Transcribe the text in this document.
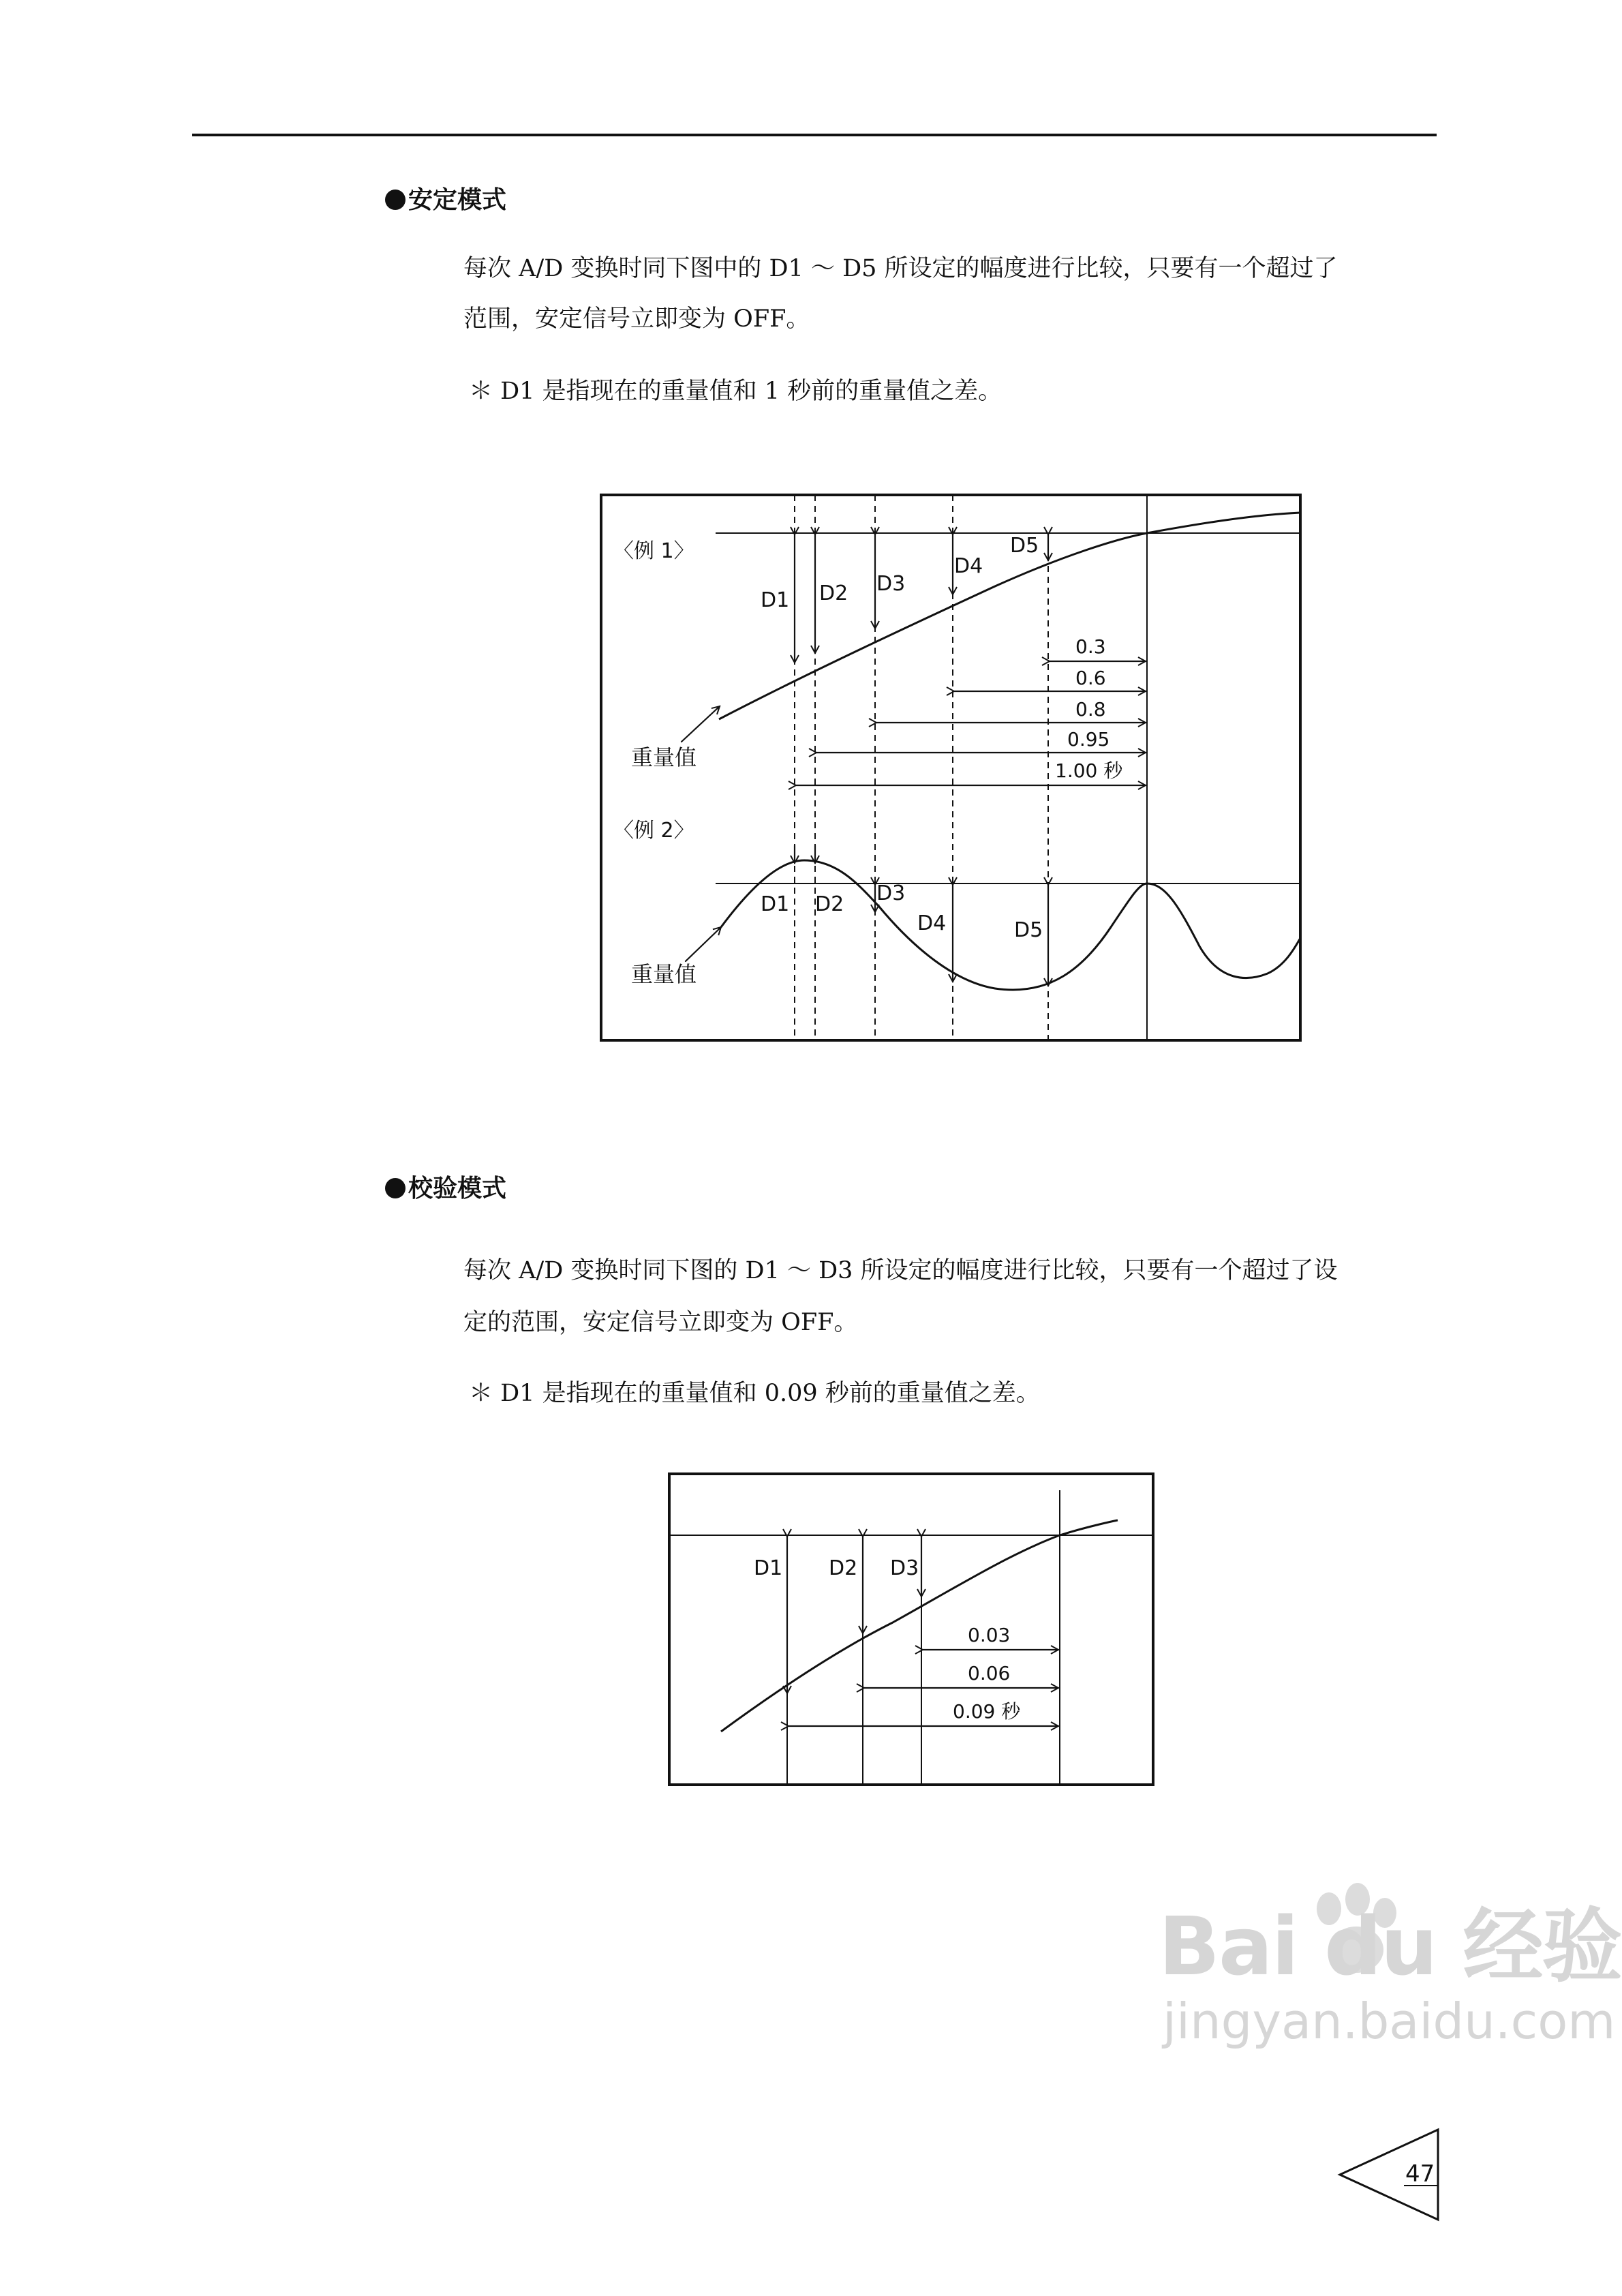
安定模式
每次 A/D 变换时同下图中的 D1 ～ D5 所设定的幅度进行比较，只要有一个超过了
范围，安定信号立即变为 OFF。
＊ D1 是指现在的重量值和 1 秒前的重量值之差。
〈例 1〉
D1 D2 D3
D4
D5
0.3
0.6
0.8
0.95
1.00 秒
重量值
〈例 2〉
D1 D2 D3
D4	D5
重量值
校验模式
每次 A/D 变换时同下图的 D1 ～ D3 所设定的幅度进行比较，只要有一个超过了设
定的范围，安定信号立即变为 OFF。
＊ D1 是指现在的重量值和 0.09 秒前的重量值之差。
D1 D2 D3
0.03
0.06
0.09 秒
Bai du 经验
jingyan.baidu.com
47
